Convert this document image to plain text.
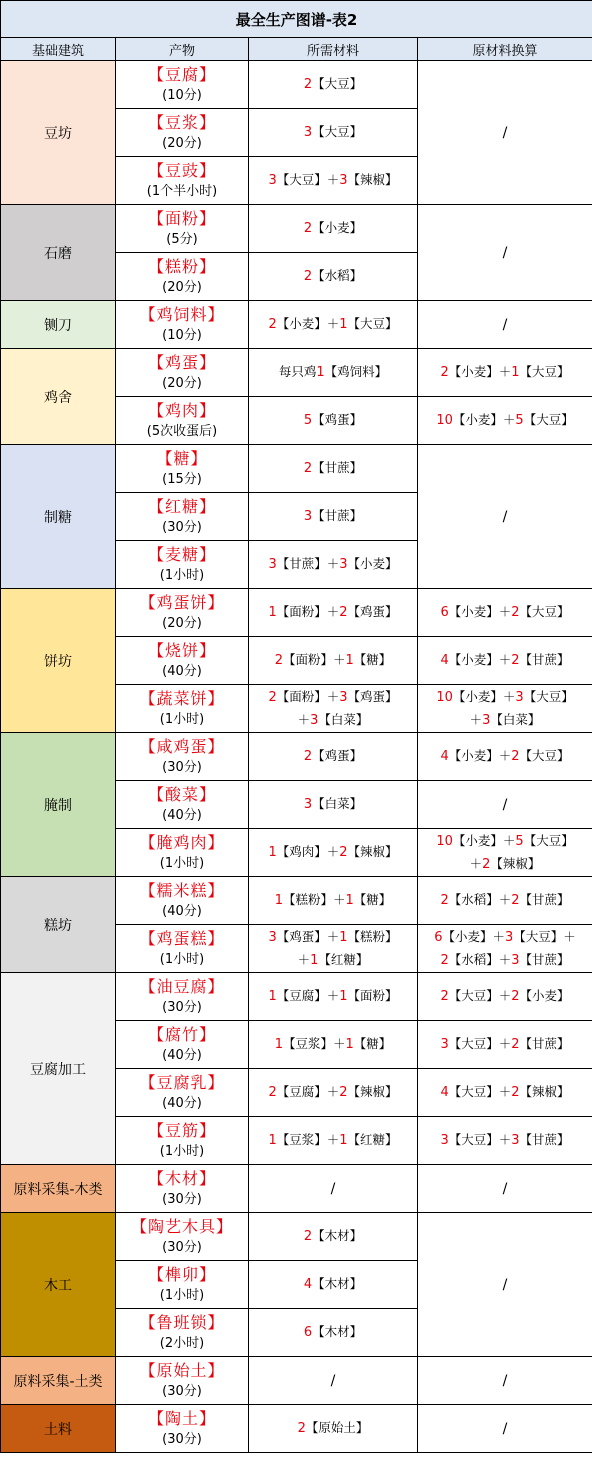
最全生产图谱-表2			
基础建筑	产物	所需材料	原材料换算
豆坊	【豆腐】
(10分)	2【大豆】	/

	【豆浆】
(20分)	3【大豆】	

	【豆豉】
(1个半小时)	3【大豆】＋3【辣椒】	
石磨	【面粉】
(5分)	2【小麦】	/

	【糕粉】
(20分)	2【水稻】	
铡刀	【鸡饲料】
(10分)	2【小麦】＋1【大豆】	/
鸡舍	【鸡蛋】
(20分)	每只鸡1【鸡饲料】	2【小麦】＋1【大豆】

	【鸡肉】
(5次收蛋后)	5【鸡蛋】	10【小麦】＋5【大豆】
制糖	【糖】
(15分)	2【甘蔗】	/

	【红糖】
(30分)	3【甘蔗】	

	【麦糖】
(1小时)	3【甘蔗】＋3【小麦】	
饼坊	【鸡蛋饼】
(20分)	1【面粉】＋2【鸡蛋】	6【小麦】＋2【大豆】

	【烧饼】
(40分)	2【面粉】＋1【糖】	4【小麦】＋2【甘蔗】

	【蔬菜饼】
(1小时)	2【面粉】＋3【鸡蛋】
＋3【白菜】	10【小麦】＋3【大豆】
＋3【白菜】
腌制	【咸鸡蛋】
(30分)	2【鸡蛋】	4【小麦】＋2【大豆】

	【酸菜】
(40分)	3【白菜】	/

	【腌鸡肉】
(1小时)	1【鸡肉】＋2【辣椒】	10【小麦】＋5【大豆】
＋2【辣椒】
糕坊	【糯米糕】
(40分)	1【糕粉】＋1【糖】	2【水稻】＋2【甘蔗】

	【鸡蛋糕】
(1小时)	3【鸡蛋】＋1【糕粉】
＋1【红糖】	6【小麦】＋3【大豆】＋
2【水稻】＋3【甘蔗】
豆腐加工	【油豆腐】
(30分)	1【豆腐】＋1【面粉】	2【大豆】＋2【小麦】

	【腐竹】
(40分)	1【豆浆】＋1【糖】	3【大豆】＋2【甘蔗】

	【豆腐乳】
(40分)	2【豆腐】＋2【辣椒】	4【大豆】＋2【辣椒】

	【豆筋】
(1小时)	1【豆浆】＋1【红糖】	3【大豆】＋3【甘蔗】
原料采集-木类	【木材】
(30分)	/	/
木工	【陶艺木具】
(30分)	2【木材】	/

	【榫卯】
(1小时)	4【木材】	

	【鲁班锁】
(2小时)	6【木材】	
原料采集-土类	【原始土】
(30分)	/	/
土料	【陶土】
(30分)	2【原始土】	/
